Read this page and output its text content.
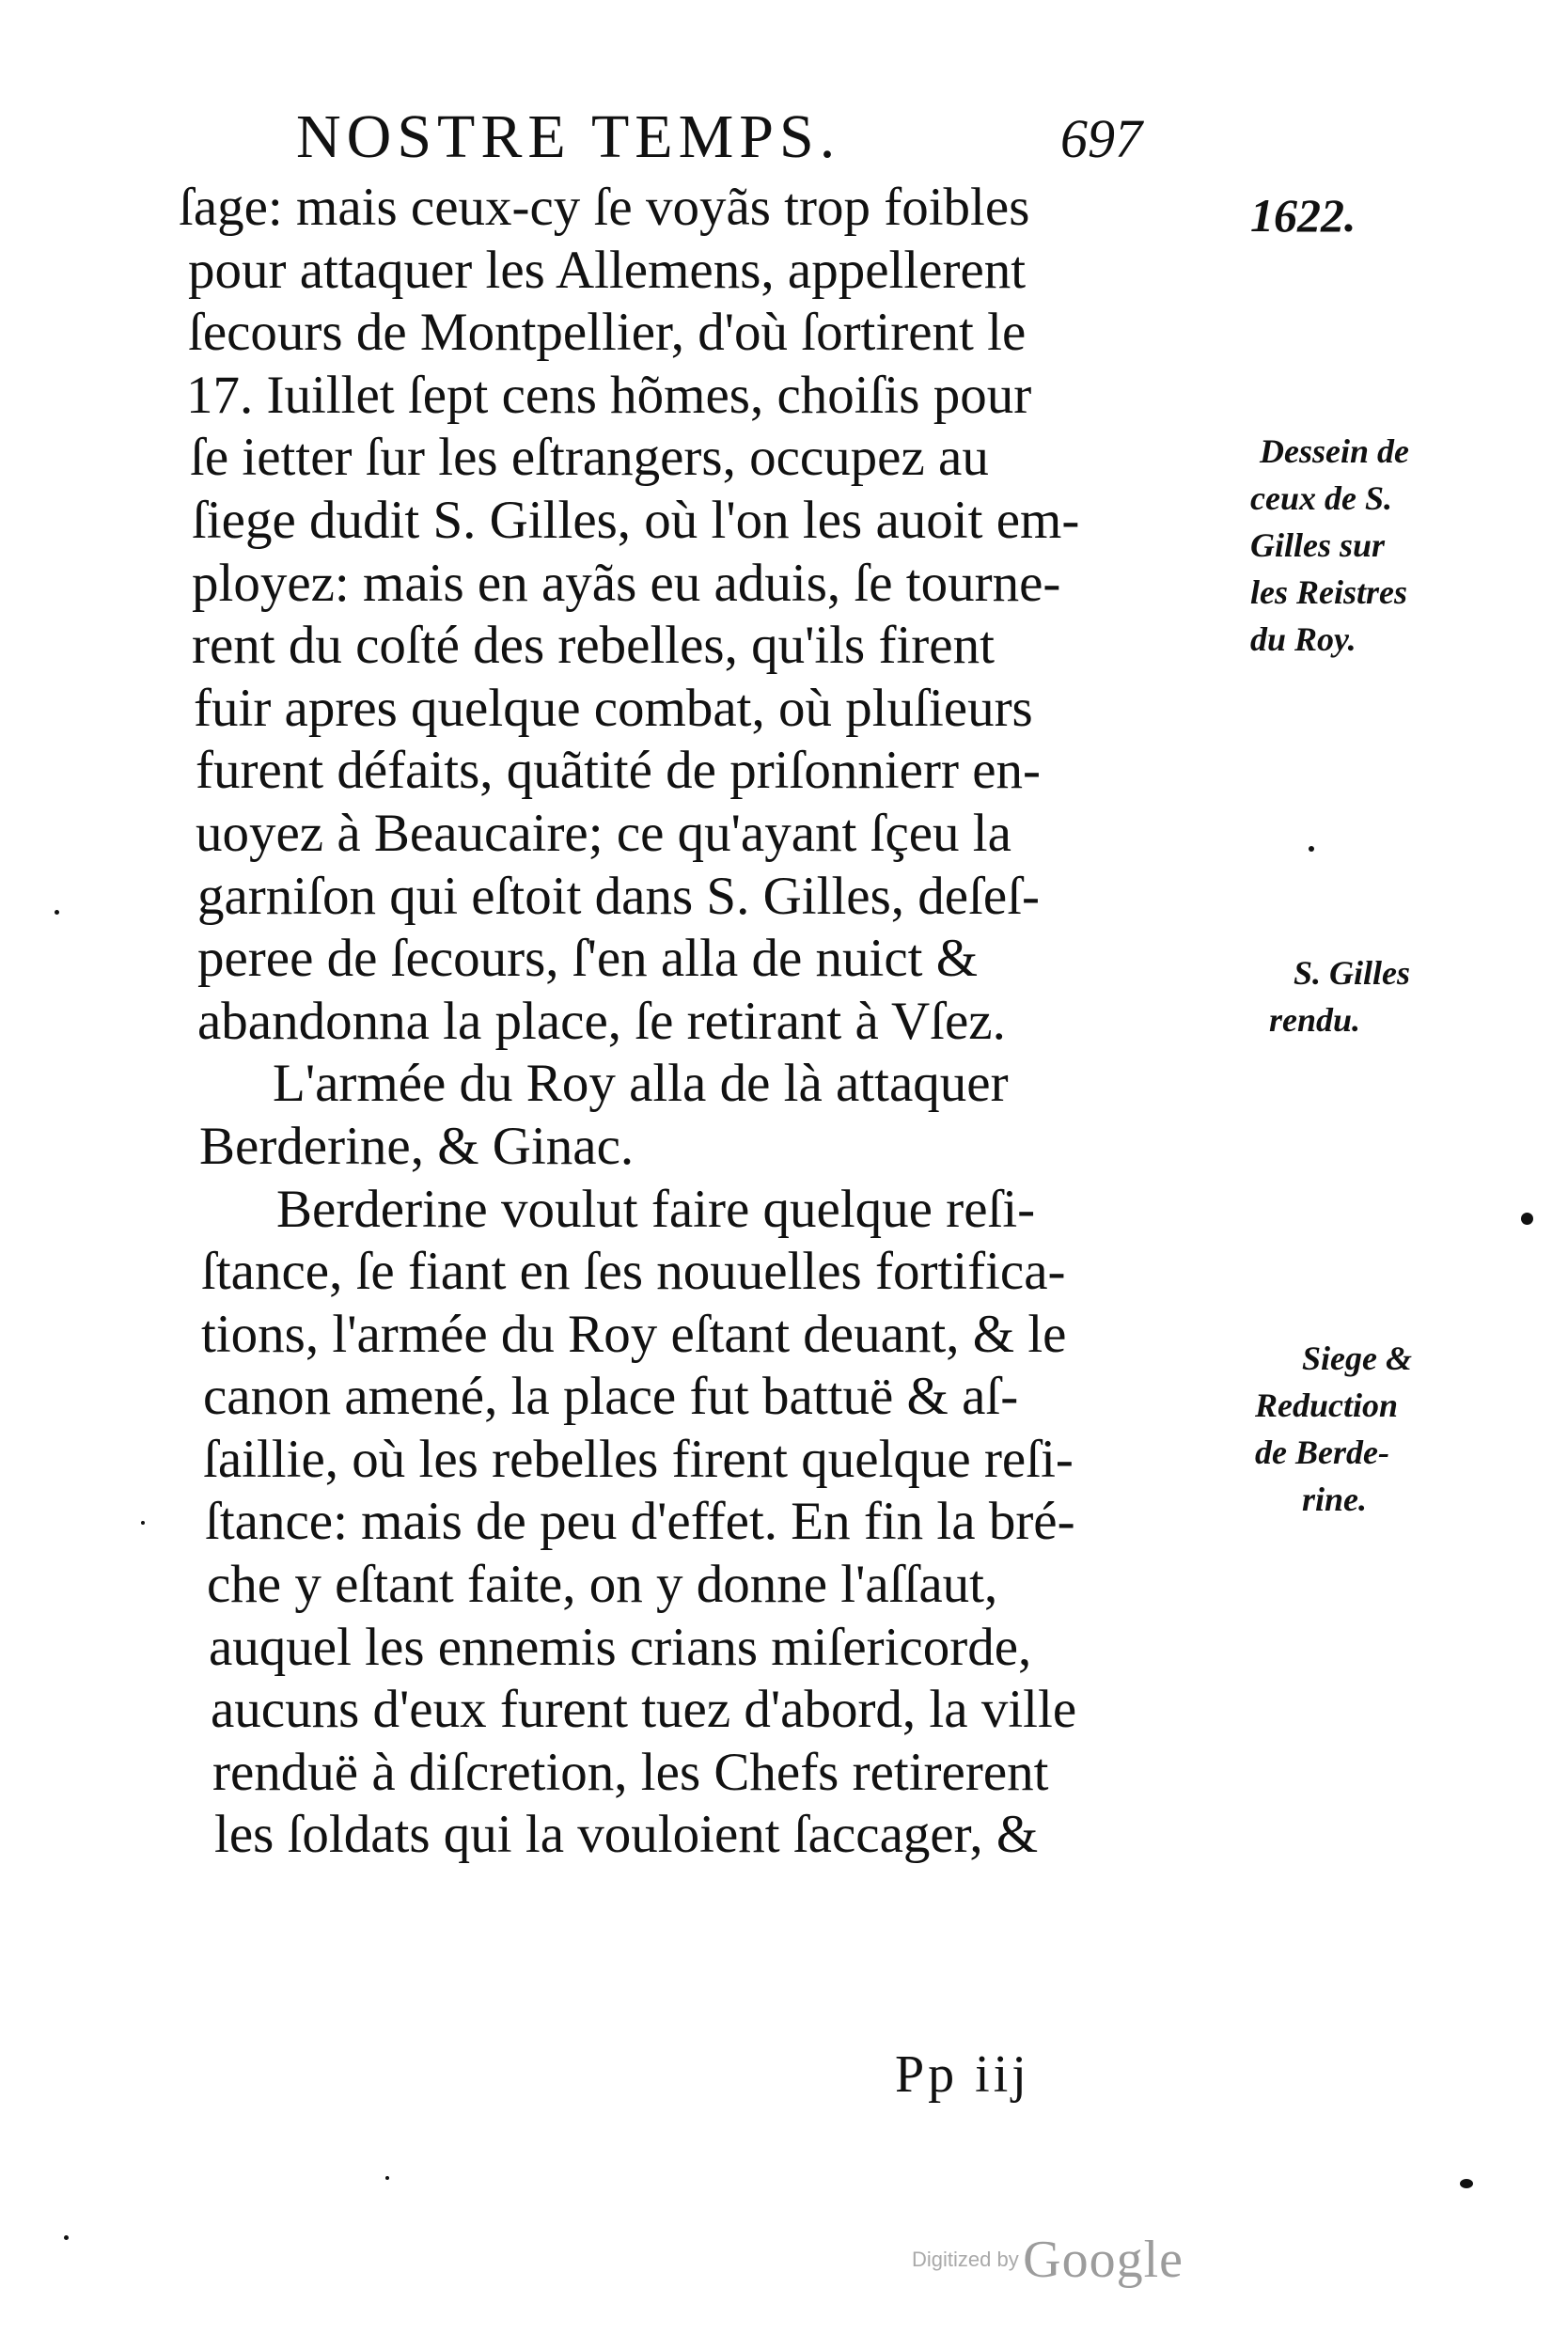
NOSTRE TEMPS.	697
1622.
ſage: mais ceux-cy ſe voyãs trop foibles
pour attaquer les Allemens, appellerent
ſecours de Montpellier, d'où ſortirent le
17. Iuillet ſept cens hõmes, choiſis pour
ſe ietter ſur les eſtrangers, occupez au
ſiege dudit S. Gilles, où l'on les auoit em-
ployez: mais en ayãs eu aduis, ſe tourne-
rent du coſté des rebelles, qu'ils firent
fuir apres quelque combat, où pluſieurs
furent défaits, quãtité de priſonnierr en-
uoyez à Beaucaire; ce qu'ayant ſçeu la
garniſon qui eſtoit dans S. Gilles, deſeſ-
peree de ſecours, ſ'en alla de nuict &
abandonna la place, ſe retirant à Vſez.
L'armée du Roy alla de là attaquer
Berderine, & Ginac.
Berderine voulut faire quelque reſi-
ſtance, ſe fiant en ſes nouuelles fortifica-
tions, l'armée du Roy eſtant deuant, & le
canon amené, la place fut battuë & aſ-
ſaillie, où les rebelles firent quelque reſi-
ſtance: mais de peu d'effet. En fin la bré-
che y eſtant faite, on y donne l'aſſaut,
auquel les ennemis crians miſericorde,
aucuns d'eux furent tuez d'abord, la ville
renduë à diſcretion, les Chefs retirerent
les ſoldats qui la vouloient ſaccager, &
Dessein de
ceux de S.
Gilles sur
les Reistres
du Roy.
S. Gilles
rendu.
Siege &
Reduction
de Berde-
rine.
Pp iij
Digitized by Google
